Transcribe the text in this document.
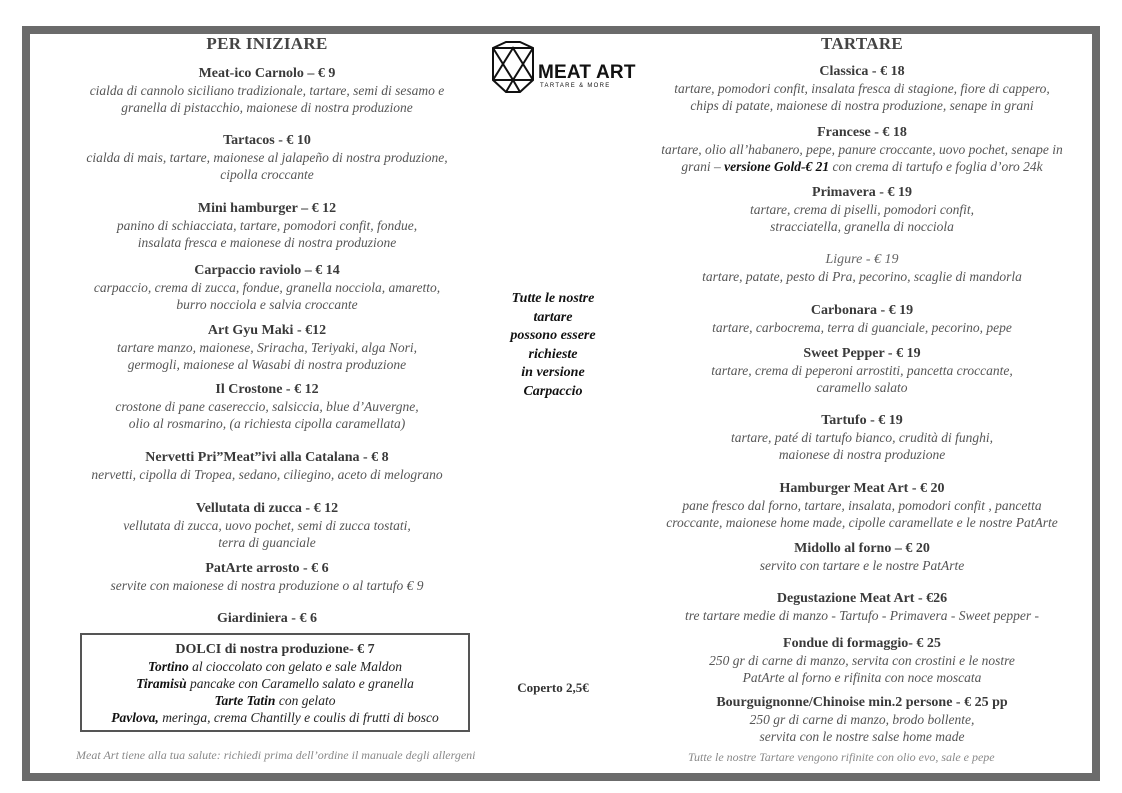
PER INIZIARE
Meat-ico Carnolo – € 9
cialda di cannolo siciliano tradizionale, tartare, semi di sesamo e
granella di pistacchio, maionese di nostra produzione
Tartacos - € 10
cialda di mais, tartare, maionese al jalapeño di nostra produzione,
cipolla croccante
Mini hamburger – € 12
panino di schiacciata, tartare, pomodori confit, fondue,
insalata fresca e maionese di nostra produzione
Carpaccio raviolo – € 14
carpaccio, crema di zucca, fondue, granella nocciola, amaretto,
burro nocciola e salvia croccante
Art Gyu Maki - €12
tartare manzo, maionese, Sriracha, Teriyaki, alga Nori,
germogli, maionese al Wasabi di nostra produzione
Il Crostone - € 12
crostone di pane casereccio, salsiccia, blue d’Auvergne,
olio al rosmarino, (a richiesta cipolla caramellata)
Nervetti Pri”Meat”ivi alla Catalana - € 8
nervetti, cipolla di Tropea, sedano, ciliegino, aceto di melograno
Vellutata di zucca - € 12
vellutata di zucca, uovo pochet, semi di zucca tostati,
terra di guanciale
PatArte arrosto - € 6
servite con maionese di nostra produzione o al tartufo € 9
Giardiniera - € 6
DOLCI di nostra produzione- € 7
Tortino al cioccolato con gelato e sale Maldon
Tiramisù pancake con Caramello salato e granella
Tarte Tatin con gelato
Pavlova, meringa, crema Chantilly e coulis di frutti di bosco
Meat Art tiene alla tua salute: richiedi prima dell’ordine il manuale degli allergeni
MEAT ART
TARTARE & MORE
Tutte le nostre
tartare
possono essere
richieste
in versione
Carpaccio
Coperto 2,5€
TARTARE
Classica - € 18
tartare, pomodori confit, insalata fresca di stagione, fiore di cappero,
chips di patate, maionese di nostra produzione, senape in grani
Francese - € 18
tartare, olio all’habanero, pepe, panure croccante, uovo pochet, senape in
grani – versione Gold-€ 21 con crema di tartufo e foglia d’oro 24k
Primavera - € 19
tartare, crema di piselli, pomodori confit,
stracciatella, granella di nocciola
Ligure - € 19
tartare, patate, pesto di Pra, pecorino, scaglie di mandorla
Carbonara - € 19
tartare, carbocrema, terra di guanciale, pecorino, pepe
Sweet Pepper - € 19
tartare, crema di peperoni arrostiti, pancetta croccante,
caramello salato
Tartufo - € 19
tartare, paté di tartufo bianco, crudità di funghi,
maionese di nostra produzione
Hamburger Meat Art - € 20
pane fresco dal forno, tartare, insalata, pomodori confit , pancetta
croccante, maionese home made, cipolle caramellate e le nostre PatArte
Midollo al forno – € 20
servito con tartare e le nostre PatArte
Degustazione Meat Art - €26
tre tartare medie di manzo - Tartufo - Primavera - Sweet pepper -
Fondue di formaggio- € 25
250 gr di carne di manzo, servita con crostini e le nostre
PatArte al forno e rifinita con noce moscata
Bourguignonne/Chinoise min.2 persone - € 25 pp
250 gr di carne di manzo, brodo bollente,
servita con le nostre salse home made
Tutte le nostre Tartare vengono rifinite con olio evo, sale e pepe
